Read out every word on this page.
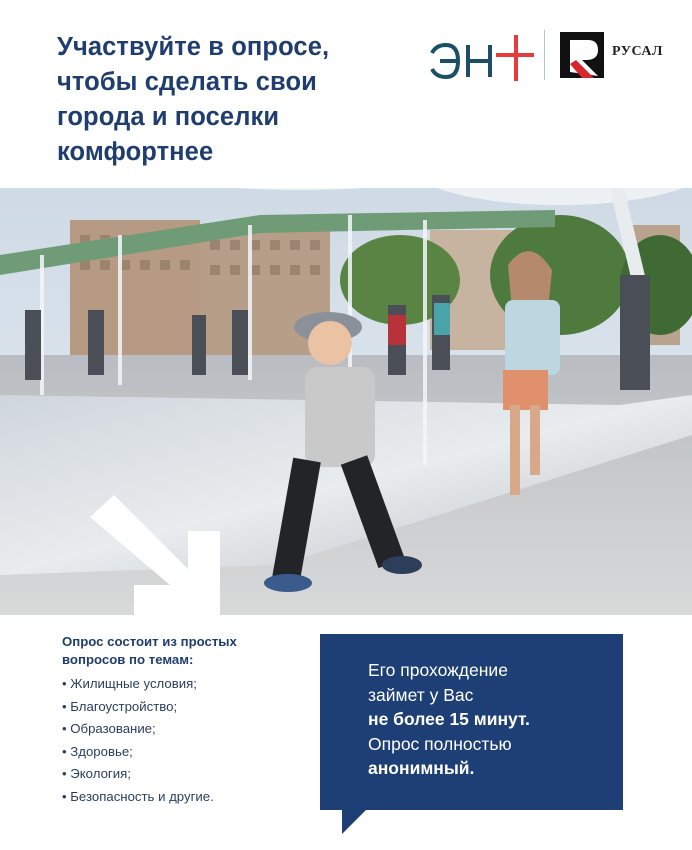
Участвуйте в опросе,
чтобы сделать свои
города и поселки
комфортнее
РУСАЛ
Опрос состоит из простых
вопросов по темам:
• Жилищные условия;
• Благоустройство;
• Образование;
• Здоровье;
• Экология;
• Безопасность и другие.
Его прохождение
займет у Вас
не более 15 минут.
Опрос полностью
анонимный.
